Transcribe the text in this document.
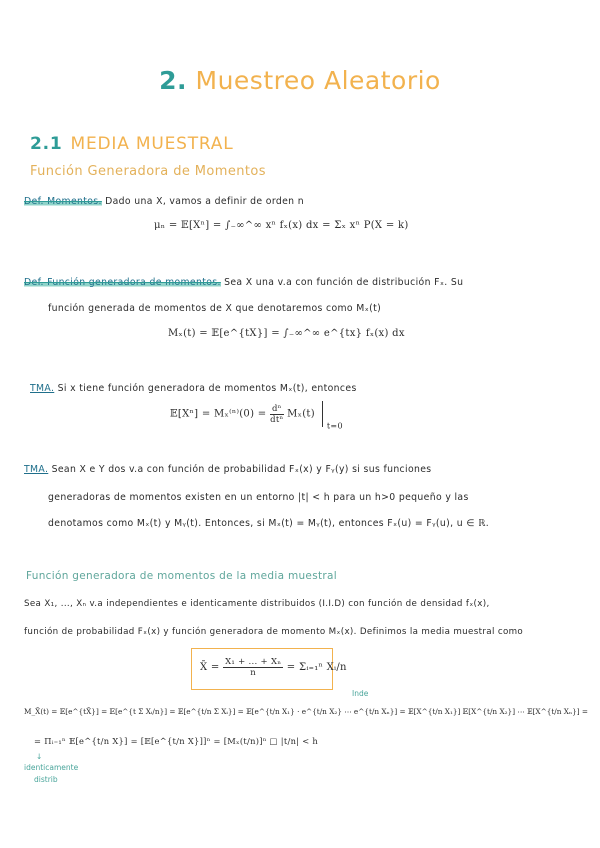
2. Muestreo Aleatorio
2.1 MEDIA MUESTRAL
Función Generadora de Momentos
Def. Momentos. Dado una X, vamos a definir de orden n
μₙ = 𝔼[Xⁿ] = ∫₋∞^∞ xⁿ fₓ(x) dx = Σₓ xⁿ P(X = k)
Def. Función generadora de momentos. Sea X una v.a con función de distribución Fₓ. Su
función generada de momentos de X que denotaremos como Mₓ(t)
Mₓ(t) = 𝔼[e^{tX}] = ∫₋∞^∞ e^{tx} fₓ(x) dx
TMA. Si x tiene función generadora de momentos Mₓ(t), entonces
𝔼[Xⁿ] = $M_x^{(n)}(0) = \frac{\text{dⁿ}}{\text{dtⁿ}} M_x(t)$  $_{t=0}$
TMA. Sean X e Y dos v.a con función de probabilidad Fₓ(x) y Fᵧ(y) si sus funciones
generadoras de momentos existen en un entorno |t| < h para un h>0 pequeño y las
denotamos como Mₓ(t) y Mᵧ(t). Entonces, si Mₓ(t) = Mᵧ(t), entonces Fₓ(u) = Fᵧ(u), u ∈ ℝ.
Función generadora de momentos de la media muestral
Sea X₁, ..., Xₙ v.a independientes e identicamente distribuidos (I.I.D) con función de densidad fₓ(x),
función de probabilidad Fₓ(x) y función generadora de momento Mₓ(x). Definimos la media muestral como
X̄ = $\frac{\text{X₁ + ... + Xₙ}}{n}$ = Σᵢ₌₁ⁿ Xᵢ/n
Inde
M_X̄(t) = 𝔼[e^{tX̄}] = 𝔼[e^{t Σ Xᵢ/n}] = 𝔼[e^{t/n Σ Xᵢ}] = 𝔼[e^{t/n X₁} · e^{t/n X₂} ⋯ e^{t/n Xₙ}] = 𝔼[X^{t/n X₁}] 𝔼[X^{t/n X₂}] ⋯ 𝔼[X^{t/n Xₙ}] =
= Πᵢ₌₁ⁿ 𝔼[e^{t/n X}] = [𝔼[e^{t/n X}]]ⁿ = [Mₓ(t/n)]ⁿ □ |t/n| < h
↓
identicamente
distrib
